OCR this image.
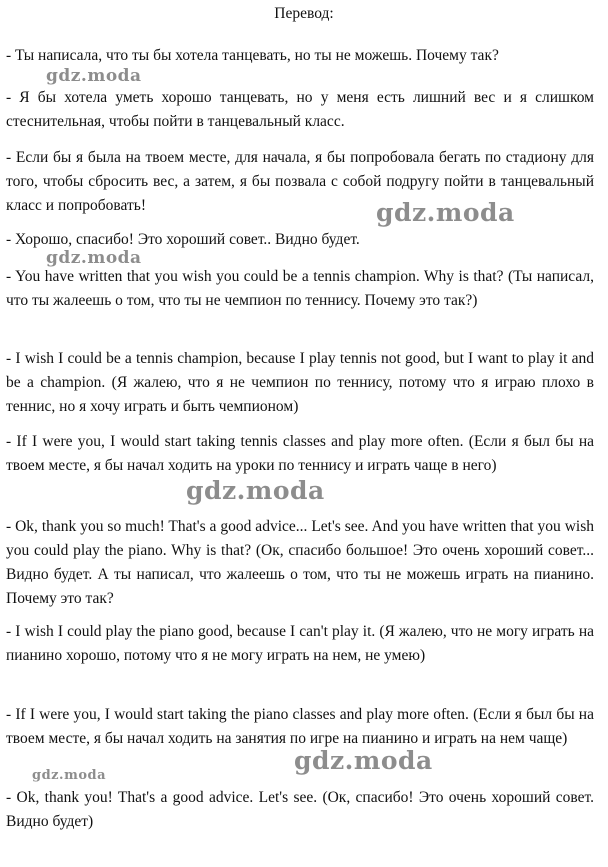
Перевод:

- Ты написала, что ты бы хотела танцевать, но ты не можешь. Почему так?

- Я бы хотела уметь хорошо танцевать, но у меня есть лишний вес и я слишком стеснительная, чтобы пойти в танцевальный класс.

- Если бы я была на твоем месте, для начала, я бы попробовала бегать по стадиону для того, чтобы сбросить вес, а затем, я бы позвала с собой подругу пойти в танцевальный класс и попробовать!

- Хорошо, спасибо! Это хороший совет.. Видно будет.

- You have written that you wish you could be a tennis champion. Why is that? (Ты написал, что ты жалеешь о том, что ты не чемпион по теннису. Почему это так?)

- I wish I could be a tennis champion, because I play tennis not good, but I want to play it and be a champion. (Я жалею, что я не чемпион по теннису, потому что я играю плохо в теннис, но я хочу играть и быть чемпионом)

- If I were you, I would start taking tennis classes and play more often. (Если я был бы на твоем месте, я бы начал ходить на уроки по теннису и играть чаще в него)

- Ok, thank you so much! That's a good advice... Let's see. And you have written that you wish you could play the piano. Why is that? (Ок, спасибо большое! Это очень хороший совет... Видно будет. А ты написал, что жалеешь о том, что ты не можешь играть на пианино. Почему это так?

- I wish I could play the piano good, because I can't play it. (Я жалею, что не могу играть на пианино хорошо, потому что я не могу играть на нем, не умею)

- If I were you, I would start taking the piano classes and play more often. (Если я был бы на твоем месте, я бы начал ходить на занятия по игре на пианино и играть на нем чаще)

- Ok, thank you! That's a good advice. Let's see. (Ок, спасибо! Это очень хороший совет. Видно будет)

gdz.moda
gdz.moda
gdz.moda
gdz.moda
gdz.moda
gdz.moda
